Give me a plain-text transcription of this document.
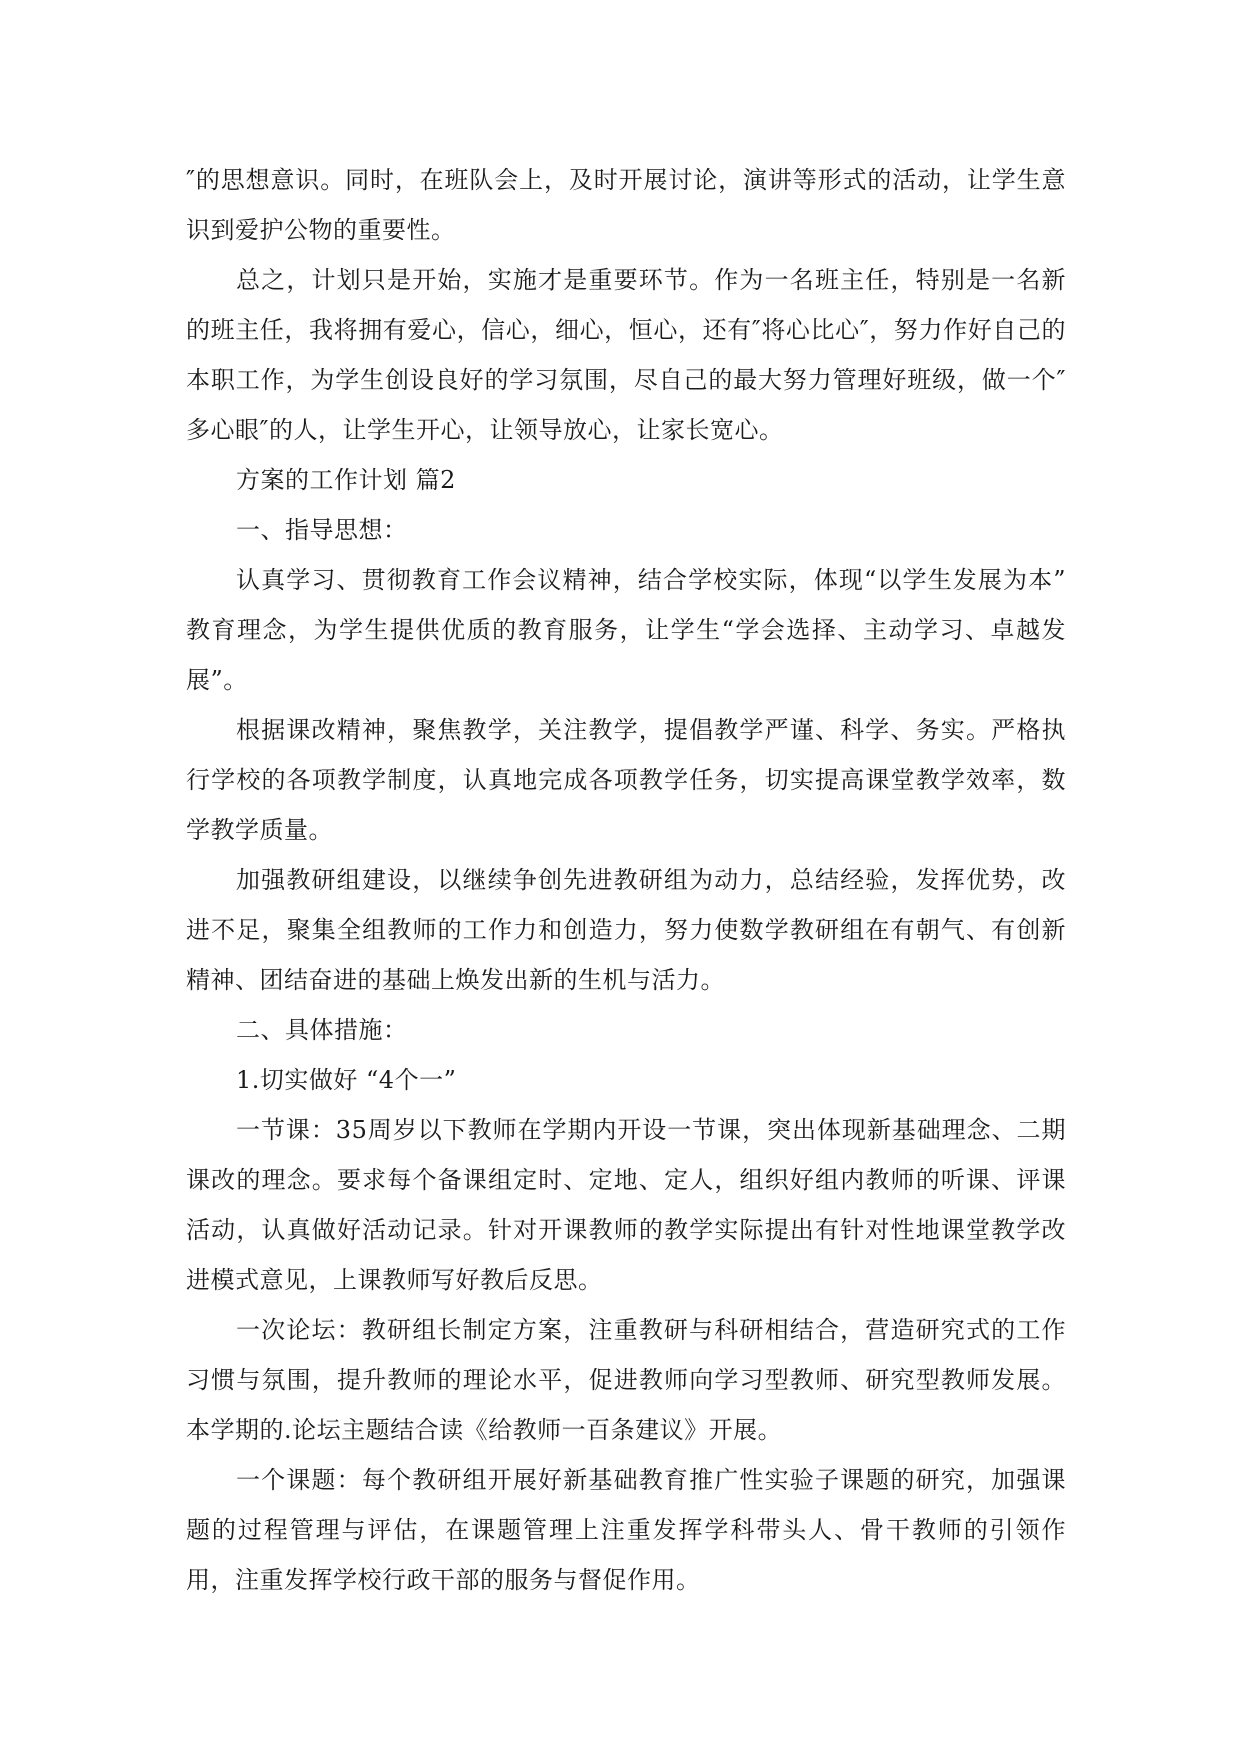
″的思想意识。同时，在班队会上，及时开展讨论，演讲等形式的活动，让学生意识到爱护公物的重要性。

总之，计划只是开始，实施才是重要环节。作为一名班主任，特别是一名新的班主任，我将拥有爱心，信心，细心，恒心，还有″将心比心″，努力作好自己的本职工作，为学生创设良好的学习氛围，尽自己的最大努力管理好班级，做一个″多心眼″的人，让学生开心，让领导放心，让家长宽心。

方案的工作计划 篇2

一、指导思想：

认真学习、贯彻教育工作会议精神，结合学校实际，体现“以学生发展为本” 教育理念，为学生提供优质的教育服务，让学生“学会选择、主动学习、卓越发展”。

根据课改精神，聚焦教学，关注教学，提倡教学严谨、科学、务实。严格执行学校的各项教学制度，认真地完成各项教学任务，切实提高课堂教学效率，数学教学质量。

加强教研组建设，以继续争创先进教研组为动力，总结经验，发挥优势，改进不足，聚集全组教师的工作力和创造力，努力使数学教研组在有朝气、有创新精神、团结奋进的基础上焕发出新的生机与活力。

二、具体措施：

1.切实做好 “4个一”

一节课：35周岁以下教师在学期内开设一节课，突出体现新基础理念、二期课改的理念。要求每个备课组定时、定地、定人，组织好组内教师的听课、评课活动，认真做好活动记录。针对开课教师的教学实际提出有针对性地课堂教学改进模式意见，上课教师写好教后反思。

一次论坛：教研组长制定方案，注重教研与科研相结合，营造研究式的工作习惯与氛围，提升教师的理论水平，促进教师向学习型教师、研究型教师发展。本学期的.论坛主题结合读《给教师一百条建议》开展。

一个课题：每个教研组开展好新基础教育推广性实验子课题的研究，加强课题的过程管理与评估，在课题管理上注重发挥学科带头人、骨干教师的引领作用，注重发挥学校行政干部的服务与督促作用。
